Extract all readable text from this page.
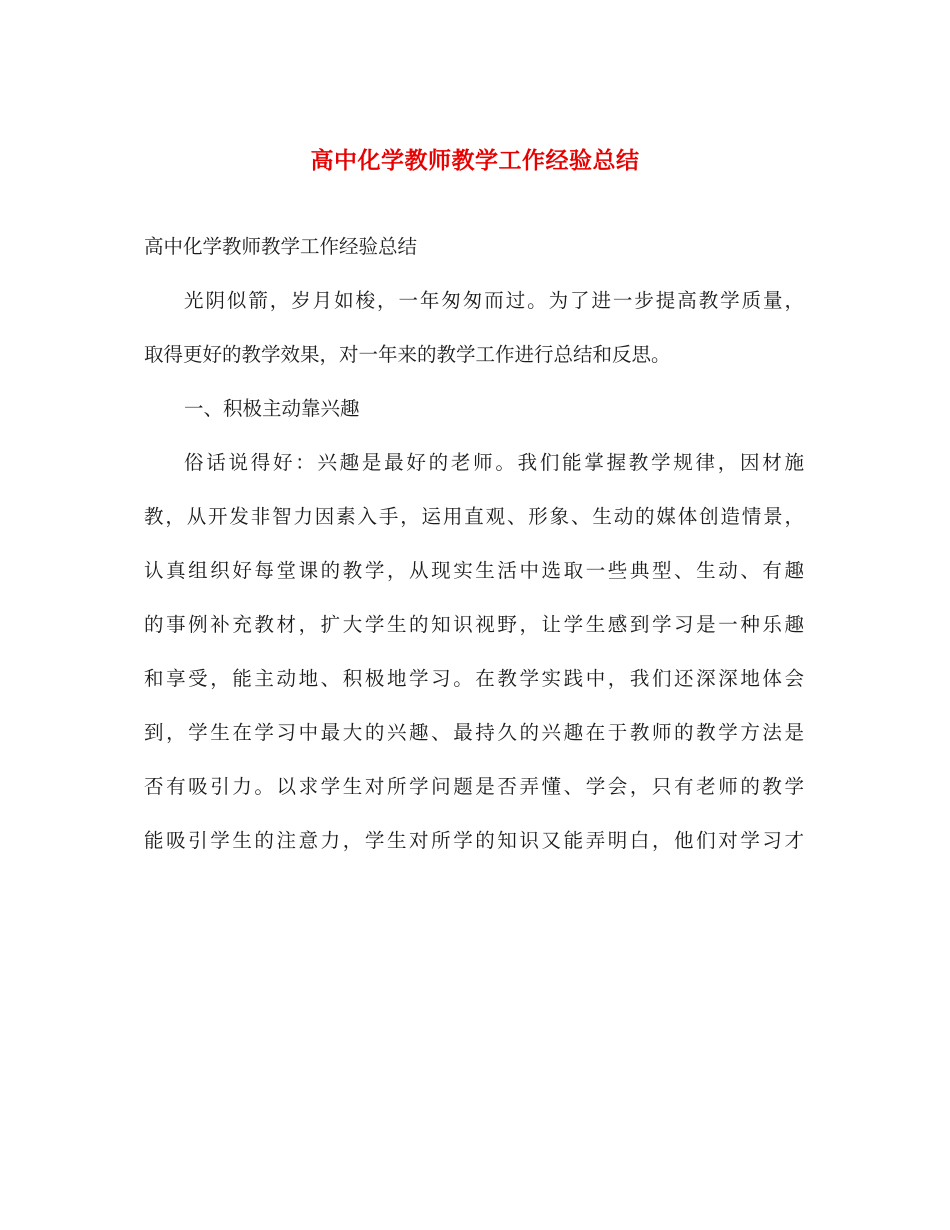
高中化学教师教学工作经验总结
高中化学教师教学工作经验总结
光阴似箭，岁月如梭，一年匆匆而过。为了进一步提高教学质量，
取得更好的教学效果，对一年来的教学工作进行总结和反思。
一、积极主动靠兴趣
俗话说得好：兴趣是最好的老师。我们能掌握教学规律，因材施
教，从开发非智力因素入手，运用直观、形象、生动的媒体创造情景，
认真组织好每堂课的教学，从现实生活中选取一些典型、生动、有趣
的事例补充教材，扩大学生的知识视野，让学生感到学习是一种乐趣
和享受，能主动地、积极地学习。在教学实践中，我们还深深地体会
到，学生在学习中最大的兴趣、最持久的兴趣在于教师的教学方法是
否有吸引力。以求学生对所学问题是否弄懂、学会，只有老师的教学
能吸引学生的注意力，学生对所学的知识又能弄明白，他们对学习才
